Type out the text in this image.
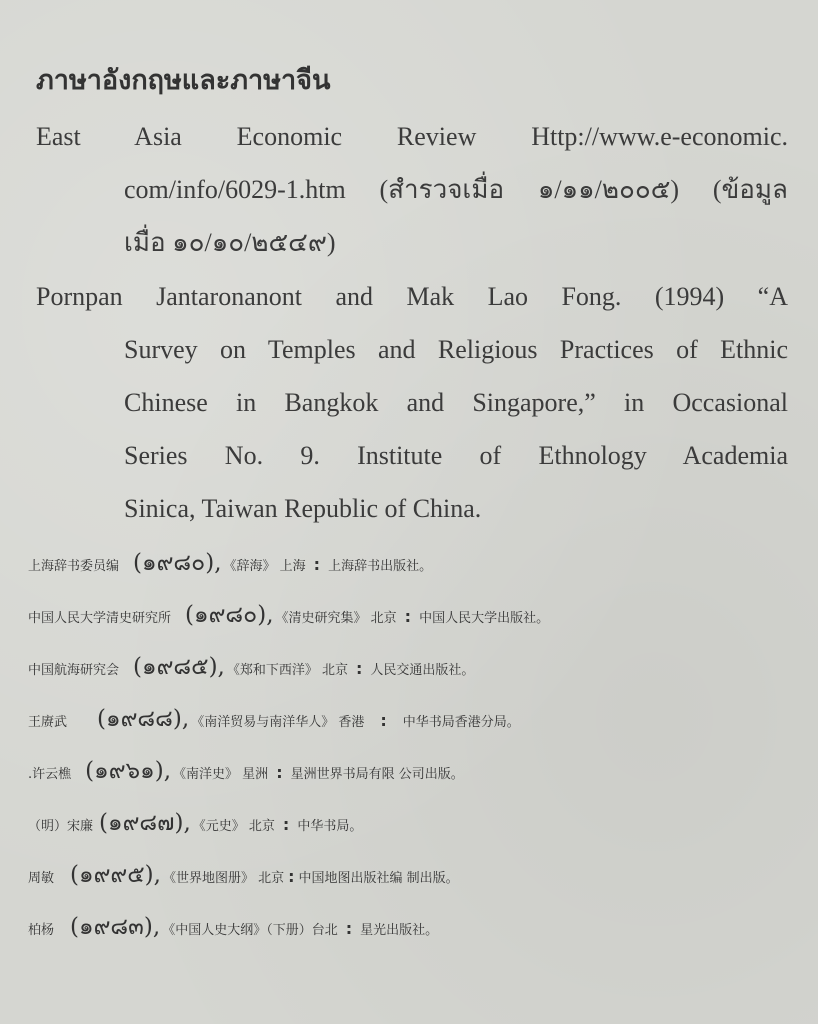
ภาษาอังกฤษและภาษาจีน
East Asia Economic Review Http://www.e-economic.
com/info/6029-1.htm (สำรวจเมื่อ ๑/๑๑/๒๐๐๕) (ข้อมูล
เมื่อ ๑๐/๑๐/๒๕๔๙)
Pornpan Jantaronanont and Mak Lao Fong. (1994) “A
Survey on Temples and Religious Practices of Ethnic
Chinese in Bangkok and Singapore,” in Occasional
Series No. 9. Institute of Ethnology Academia
Sinica, Taiwan Republic of China.
上海辞书委员编 (๑๙๘๐), 《辞海》 上海 : 上海辞书出版社。
中国人民大学清史研究所 (๑๙๘๐), 《清史研究集》 北京 : 中国人民大学出版社。
中国航海研究会 (๑๙๘๕), 《郑和下西洋》 北京 : 人民交通出版社。
王赓武 (๑๙๘๘), 《南洋贸易与南洋华人》 香港 : 中华书局香港分局。
.许云樵 (๑๙๖๑), 《南洋史》 星洲 : 星洲世界书局有限 公司出版。
（明）宋廉 (๑๙๘๗), 《元史》 北京 : 中华书局。
周敏 (๑๙๙๕), 《世界地图册》 北京 : 中国地图出版社编 制出版。
柏杨 (๑๙๘๓), 《中国人史大纲》（下册）台北 : 星光出版社。
